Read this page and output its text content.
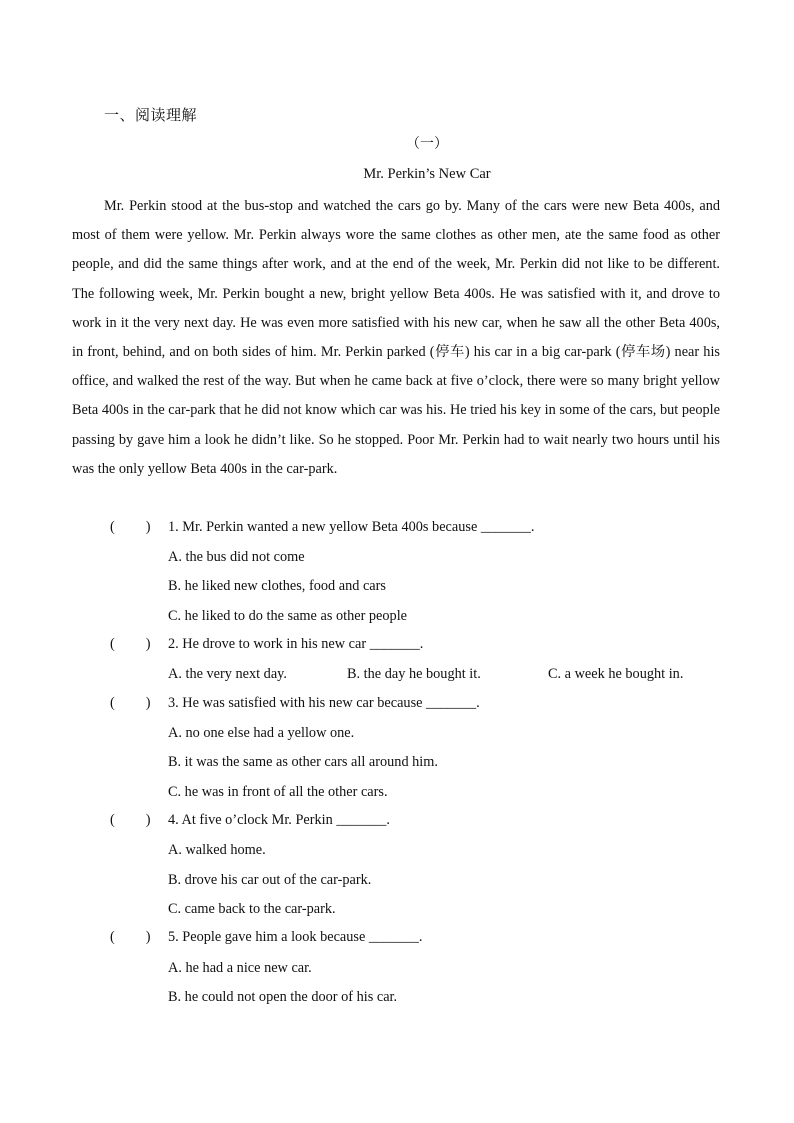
一、阅读理解
（一）
Mr. Perkin’s New Car

Mr. Perkin stood at the bus-stop and watched the cars go by. Many of the cars were new Beta 400s, and most of them were yellow. Mr. Perkin always wore the same clothes as other men, ate the same food as other people, and did the same things after work, and at the end of the week, Mr. Perkin did not like to be different. The following week, Mr. Perkin bought a new, bright yellow Beta 400s. He was satisfied with it, and drove to work in it the very next day. He was even more satisfied with his new car, when he saw all the other Beta 400s, in front, behind, and on both sides of him. Mr. Perkin parked (停车) his car in a big car-park (停车场) near his office, and walked the rest of the way. But when he came back at five o’clock, there were so many bright yellow Beta 400s in the car-park that he did not know which car was his. He tried his key in some of the cars, but people passing by gave him a look he didn’t like. So he stopped. Poor Mr. Perkin had to wait nearly two hours until his was the only yellow Beta 400s in the car-park.

( ) 1. Mr. Perkin wanted a new yellow Beta 400s because _______.
A. the bus did not come
B. he liked new clothes, food and cars
C. he liked to do the same as other people
( ) 2. He drove to work in his new car _______.
A. the very next day.	B. the day he bought it.	C. a week he bought in.
( ) 3. He was satisfied with his new car because _______.
A. no one else had a yellow one.
B. it was the same as other cars all around him.
C. he was in front of all the other cars.
( ) 4. At five o’clock Mr. Perkin _______.
A. walked home.
B. drove his car out of the car-park.
C. came back to the car-park.
( ) 5. People gave him a look because _______.
A. he had a nice new car.
B. he could not open the door of his car.
